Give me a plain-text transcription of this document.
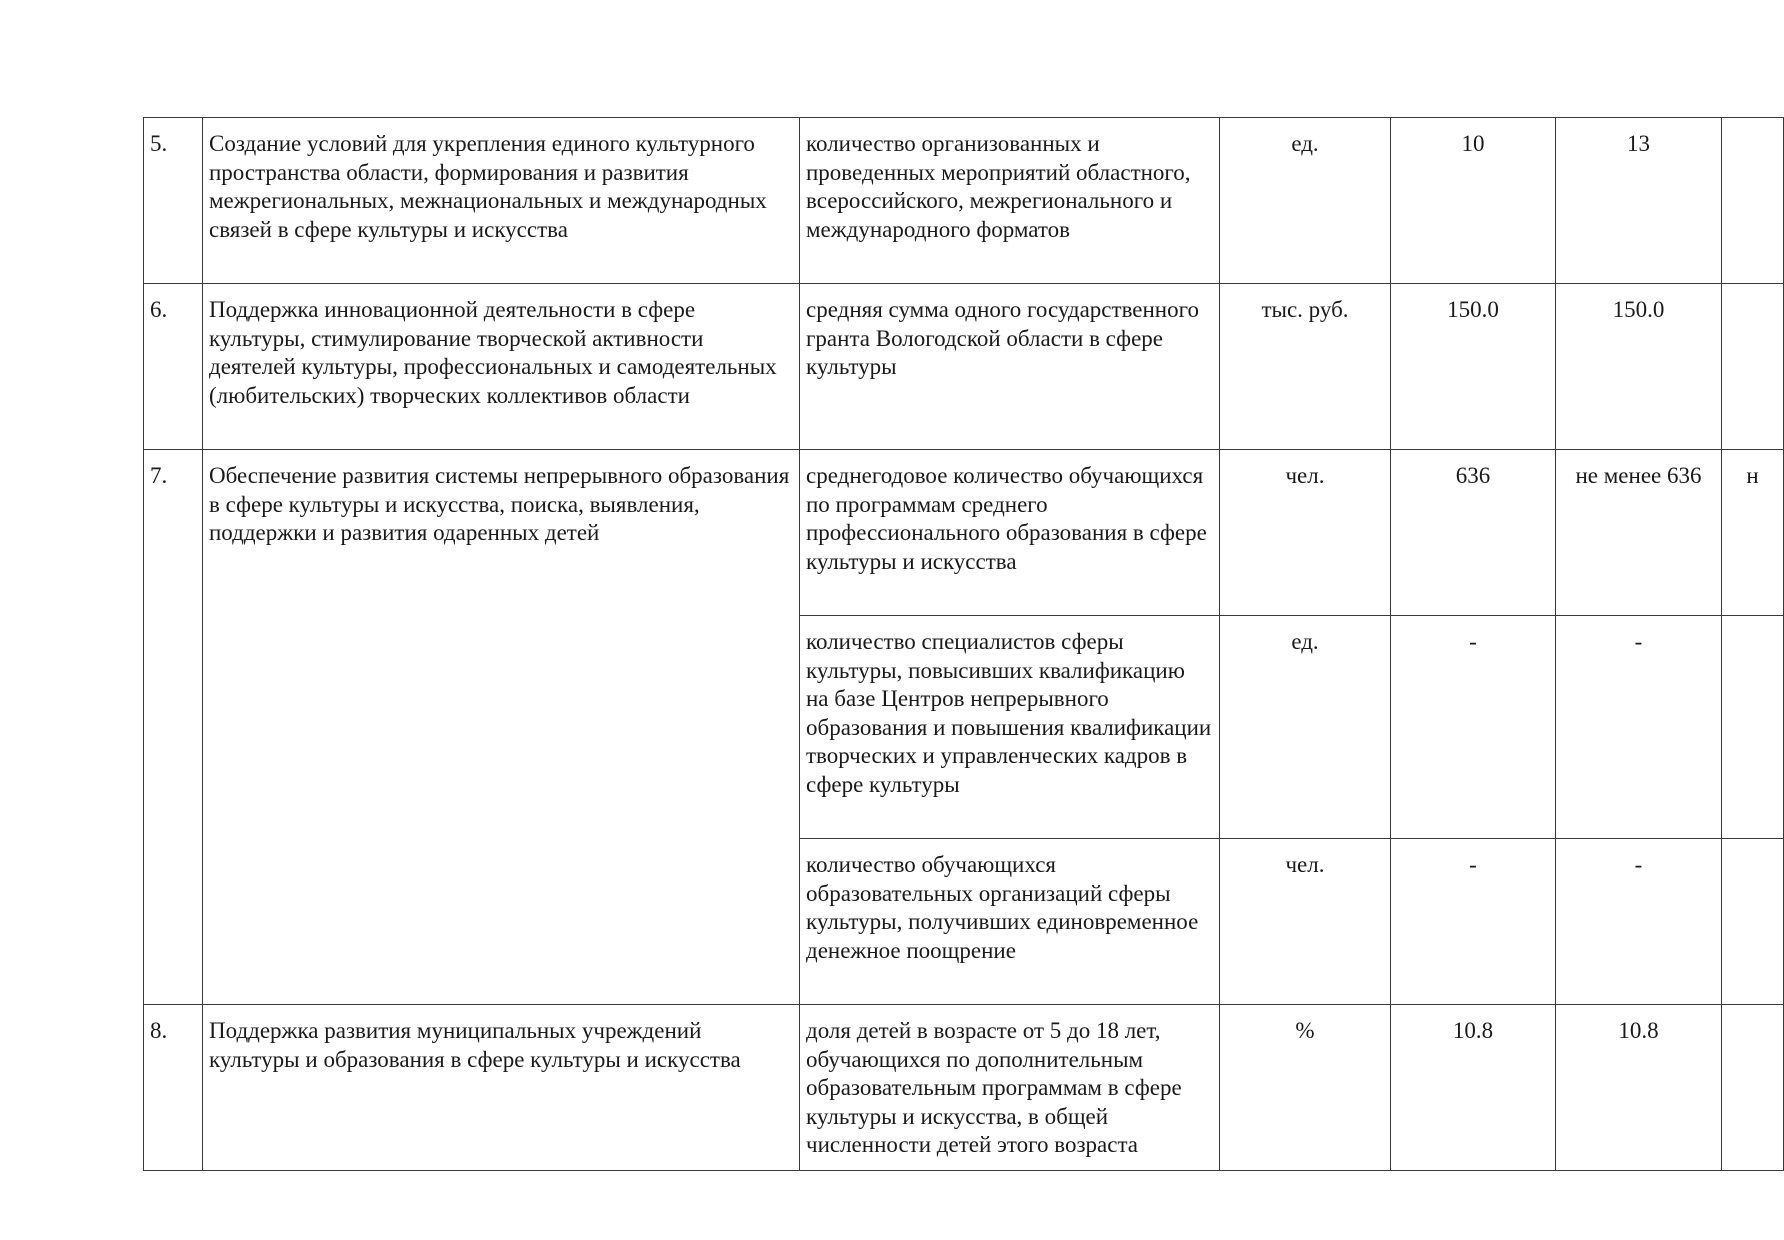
5.	Создание условий для укрепления единого культурного пространства области, формирования и развития межрегиональных, межнациональных и международных связей в сфере культуры и искусства	количество организованных и проведенных мероприятий областного, всероссийского, межрегионального и международного форматов	ед.	10	13	
6.	Поддержка инновационной деятельности в сфере культуры, стимулирование творческой активности деятелей культуры, профессиональных и самодеятельных (любительских) творческих коллективов области	средняя сумма одного государственного гранта Вологодской области в сфере культуры	тыс. руб.	150.0	150.0	
7.	Обеспечение развития системы непрерывного образования в сфере культуры и искусства, поиска, выявления, поддержки и развития одаренных детей	среднегодовое количество обучающихся по программам среднего профессионального образования в сфере культуры и искусства	чел.	636	не менее 636	н
		количество специалистов сферы культуры, повысивших квалификацию на базе Центров непрерывного образования и повышения квалификации творческих и управленческих кадров в сфере культуры	ед.	-	-	
		количество обучающихся образовательных организаций сферы культуры, получивших единовременное денежное поощрение	чел.	-	-	
8.	Поддержка развития муниципальных учреждений культуры и образования в сфере культуры и искусства	доля детей в возрасте от 5 до 18 лет, обучающихся по дополнительным образовательным программам в сфере культуры и искусства, в общей численности детей этого возраста	%	10.8	10.8	
